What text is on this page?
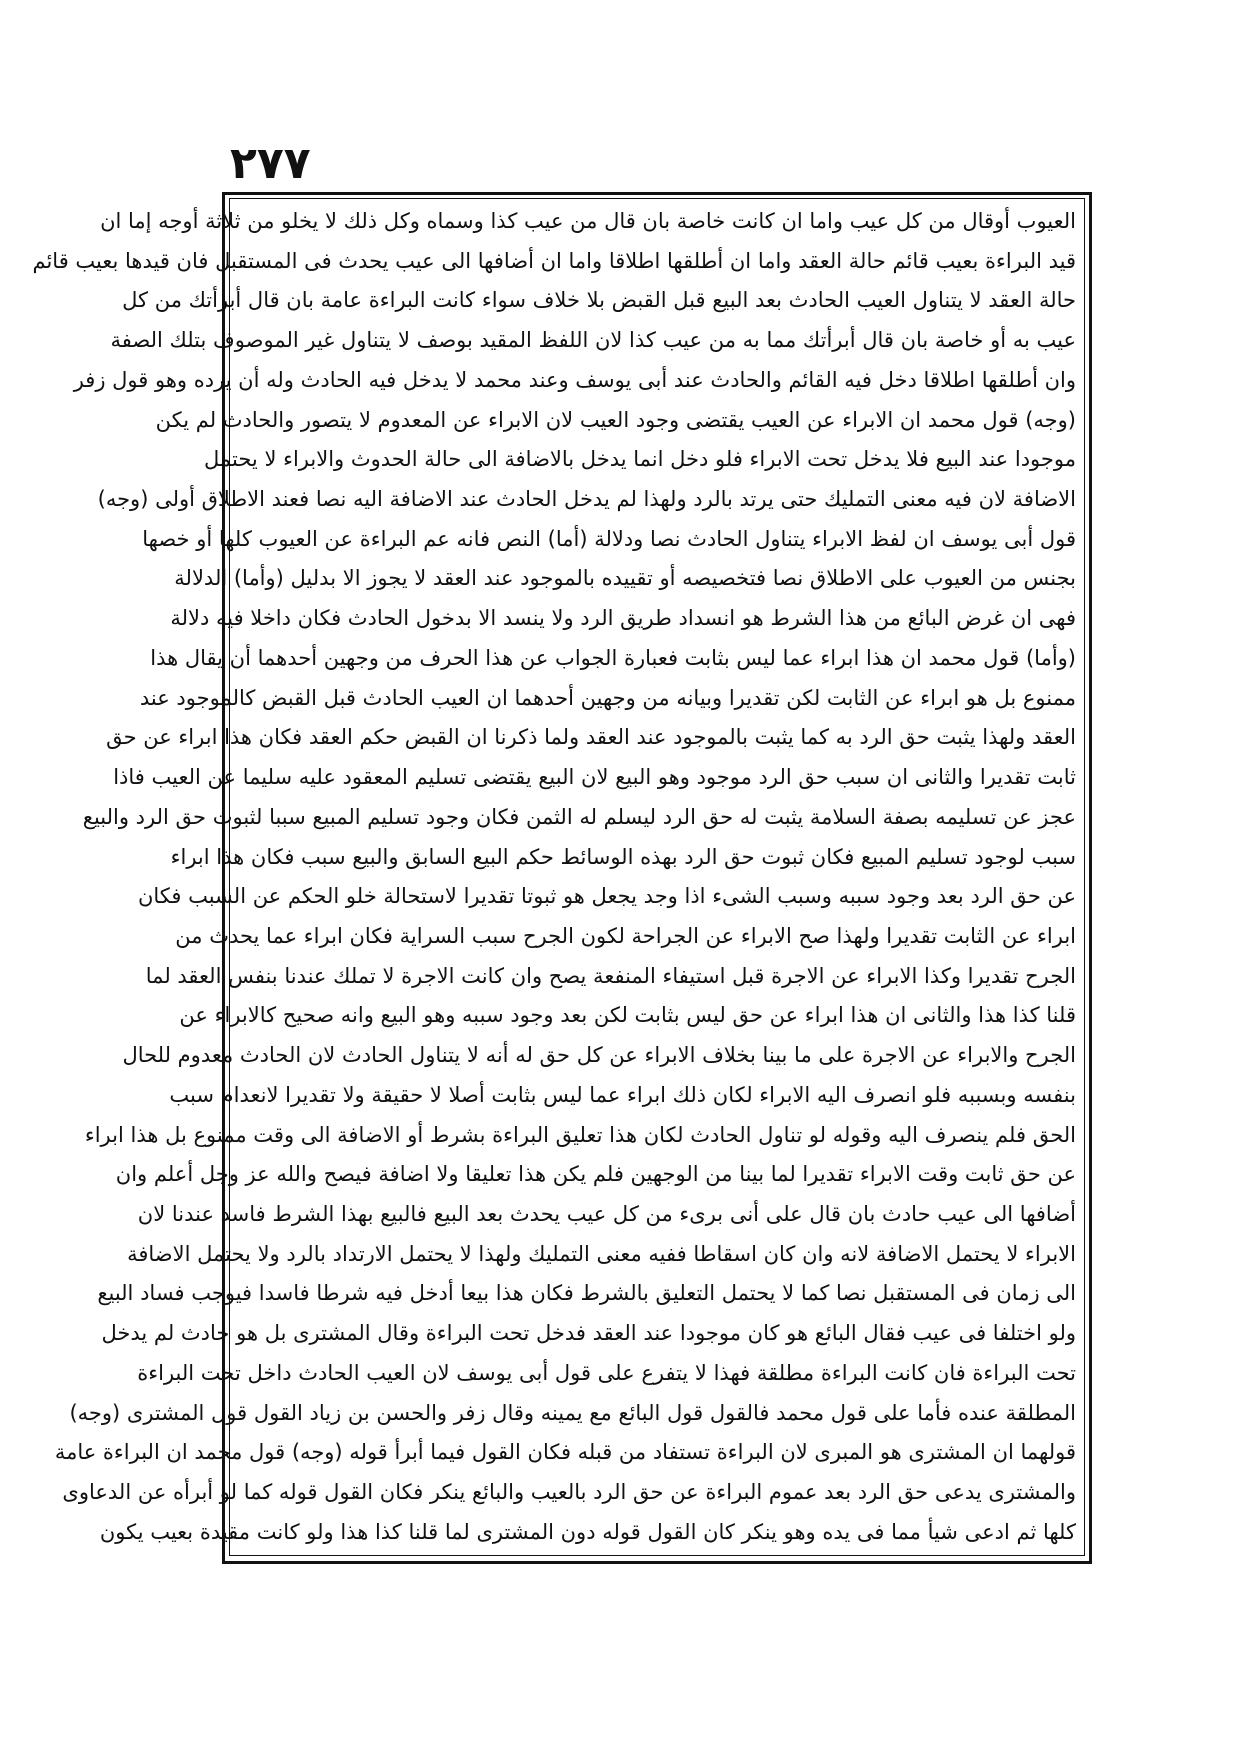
٢٧٧
العيوب أوقال من كل عيب واما ان كانت خاصة بان قال من عيب كذا وسماه وكل ذلك لا يخلو من ثلاثة أوجه إما ان
قيد البراءة بعيب قائم حالة العقد واما ان أطلقها اطلاقا واما ان أضافها الى عيب يحدث فى المستقبل فان قيدها بعيب قائم
حالة العقد لا يتناول العيب الحادث بعد البيع قبل القبض بلا خلاف سواء كانت البراءة عامة بان قال أبرأتك من كل
عيب به أو خاصة بان قال أبرأتك مما به من عيب كذا لان اللفظ المقيد بوصف لا يتناول غير الموصوف بتلك الصفة
وان أطلقها اطلاقا دخل فيه القائم والحادث عند أبى يوسف وعند محمد لا يدخل فيه الحادث وله أن يرده وهو قول زفر
(وجه) قول محمد ان الابراء عن العيب يقتضى وجود العيب لان الابراء عن المعدوم لا يتصور والحادث لم يكن
موجودا عند البيع فلا يدخل تحت الابراء فلو دخل انما يدخل بالاضافة الى حالة الحدوث والابراء لا يحتمل
الاضافة لان فيه معنى التمليك حتى يرتد بالرد ولهذا لم يدخل الحادث عند الاضافة اليه نصا فعند الاطلاق أولى (وجه)
قول أبى يوسف ان لفظ الابراء يتناول الحادث نصا ودلالة (أما) النص فانه عم البراءة عن العيوب كلها أو خصها
بجنس من العيوب على الاطلاق نصا فتخصيصه أو تقييده بالموجود عند العقد لا يجوز الا بدليل (وأما) الدلالة
فهى ان غرض البائع من هذا الشرط هو انسداد طريق الرد ولا ينسد الا بدخول الحادث فكان داخلا فيه دلالة
(وأما) قول محمد ان هذا ابراء عما ليس بثابت فعبارة الجواب عن هذا الحرف من وجهين أحدهما أن يقال هذا
ممنوع بل هو ابراء عن الثابت لكن تقديرا وبيانه من وجهين أحدهما ان العيب الحادث قبل القبض كالموجود عند
العقد ولهذا يثبت حق الرد به كما يثبت بالموجود عند العقد ولما ذكرنا ان القبض حكم العقد فكان هذا ابراء عن حق
ثابت تقديرا والثانى ان سبب حق الرد موجود وهو البيع لان البيع يقتضى تسليم المعقود عليه سليما عن العيب فاذا
عجز عن تسليمه بصفة السلامة يثبت له حق الرد ليسلم له الثمن فكان وجود تسليم المبيع سببا لثبوت حق الرد والبيع
سبب لوجود تسليم المبيع فكان ثبوت حق الرد بهذه الوسائط حكم البيع السابق والبيع سبب فكان هذا ابراء
عن حق الرد بعد وجود سببه وسبب الشىء اذا وجد يجعل هو ثبوتا تقديرا لاستحالة خلو الحكم عن السبب فكان
ابراء عن الثابت تقديرا ولهذا صح الابراء عن الجراحة لكون الجرح سبب السراية فكان ابراء عما يحدث من
الجرح تقديرا وكذا الابراء عن الاجرة قبل استيفاء المنفعة يصح وان كانت الاجرة لا تملك عندنا بنفس العقد لما
قلنا كذا هذا والثانى ان هذا ابراء عن حق ليس بثابت لكن بعد وجود سببه وهو البيع وانه صحيح كالابراء عن
الجرح والابراء عن الاجرة على ما بينا بخلاف الابراء عن كل حق له أنه لا يتناول الحادث لان الحادث معدوم للحال
بنفسه وبسببه فلو انصرف اليه الابراء لكان ذلك ابراء عما ليس بثابت أصلا لا حقيقة ولا تقديرا لانعدام سبب
الحق فلم ينصرف اليه وقوله لو تناول الحادث لكان هذا تعليق البراءة بشرط أو الاضافة الى وقت ممنوع بل هذا ابراء
عن حق ثابت وقت الابراء تقديرا لما بينا من الوجهين فلم يكن هذا تعليقا ولا اضافة فيصح والله عز وجل أعلم وان
أضافها الى عيب حادث بان قال على أنى برىء من كل عيب يحدث بعد البيع فالبيع بهذا الشرط فاسد عندنا لان
الابراء لا يحتمل الاضافة لانه وان كان اسقاطا ففيه معنى التمليك ولهذا لا يحتمل الارتداد بالرد ولا يحتمل الاضافة
الى زمان فى المستقبل نصا كما لا يحتمل التعليق بالشرط فكان هذا بيعا أدخل فيه شرطا فاسدا فيوجب فساد البيع
ولو اختلفا فى عيب فقال البائع هو كان موجودا عند العقد فدخل تحت البراءة وقال المشترى بل هو حادث لم يدخل
تحت البراءة فان كانت البراءة مطلقة فهذا لا يتفرع على قول أبى يوسف لان العيب الحادث داخل تحت البراءة
المطلقة عنده فأما على قول محمد فالقول قول البائع مع يمينه وقال زفر والحسن بن زياد القول قول المشترى (وجه)
قولهما ان المشترى هو المبرى لان البراءة تستفاد من قبله فكان القول فيما أبرأ قوله (وجه) قول محمد ان البراءة عامة
والمشترى يدعى حق الرد بعد عموم البراءة عن حق الرد بالعيب والبائع ينكر فكان القول قوله كما لو أبرأه عن الدعاوى
كلها ثم ادعى شيأ مما فى يده وهو ينكر كان القول قوله دون المشترى لما قلنا كذا هذا ولو كانت مقيدة بعيب يكون
